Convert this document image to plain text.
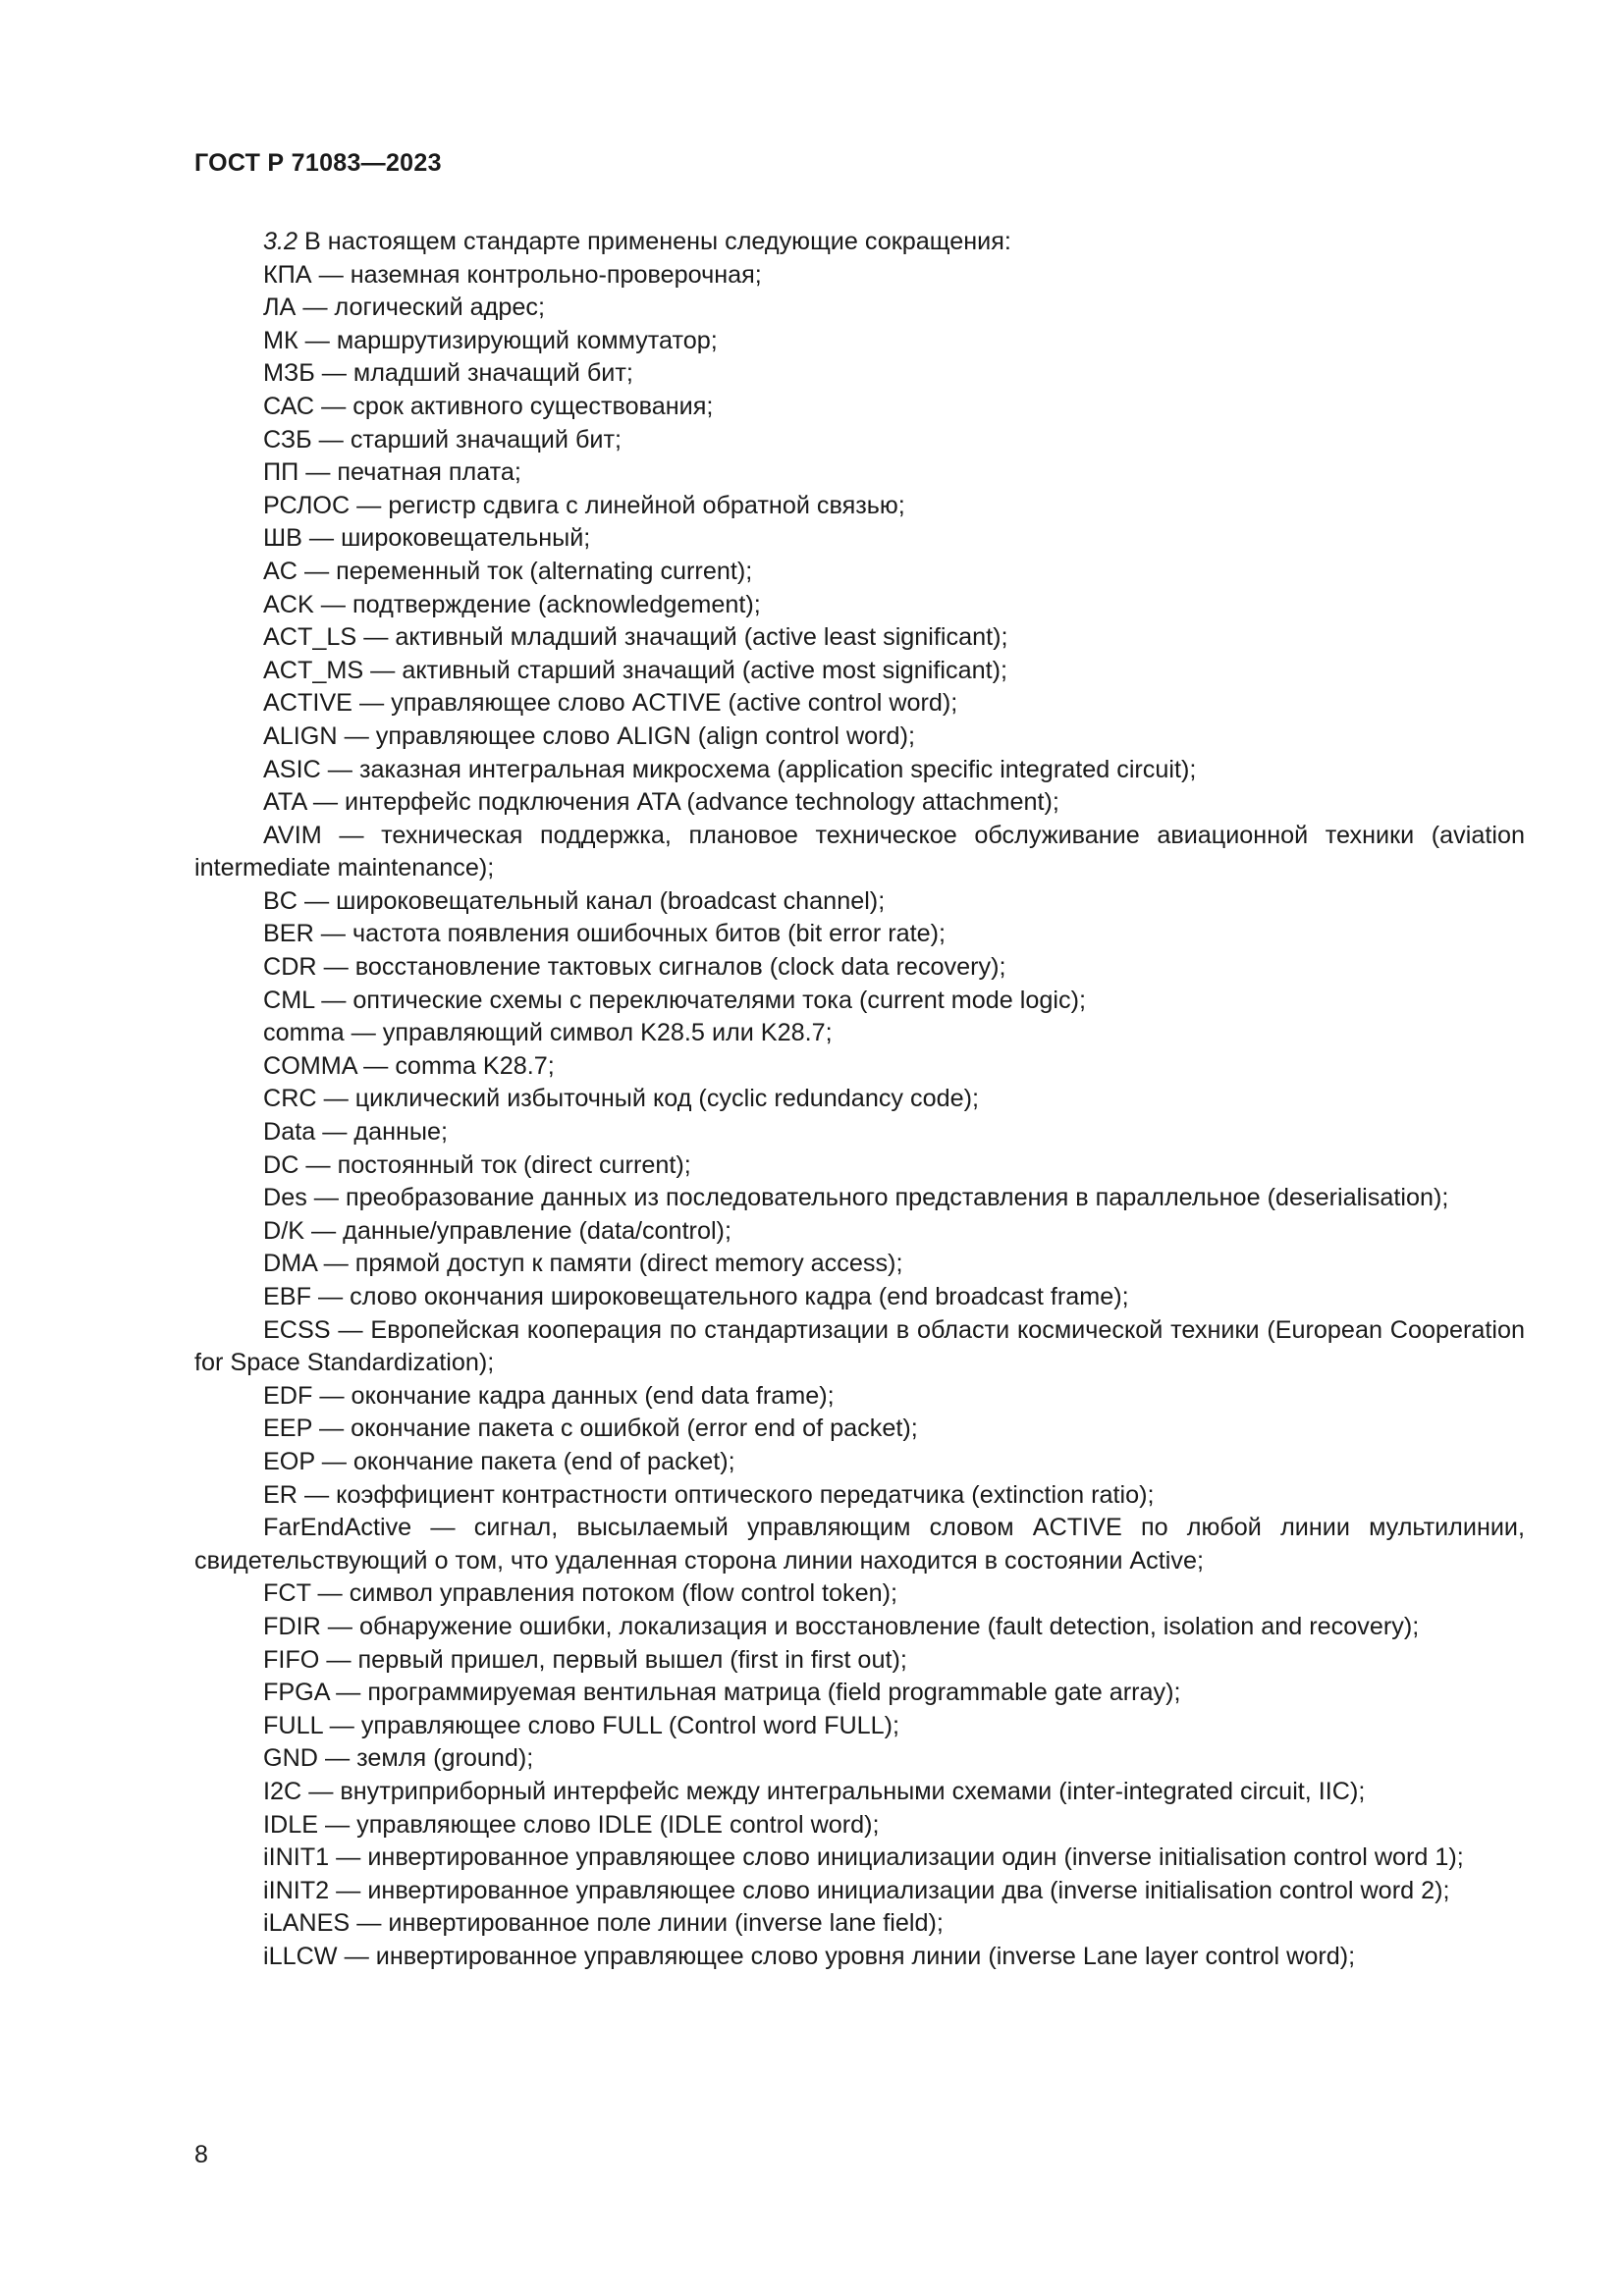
ГОСТ Р 71083—2023

3.2 В настоящем стандарте применены следующие сокращения:

КПА — наземная контрольно-проверочная;

ЛА — логический адрес;

МК — маршрутизирующий коммутатор;

МЗБ — младший значащий бит;

САС — срок активного существования;

СЗБ — старший значащий бит;

ПП — печатная плата;

РСЛОС — регистр сдвига с линейной обратной связью;

ШВ — широковещательный;

AC — переменный ток (alternating current);

ACK — подтверждение (acknowledgement);

ACT_LS — активный младший значащий (active least significant);

ACT_MS — активный старший значащий (active most significant);

ACTIVE — управляющее слово ACTIVE (active control word);

ALIGN — управляющее слово ALIGN (align control word);

ASIC — заказная интегральная микросхема (application specific integrated circuit);

ATA — интерфейс подключения ATA (advance technology attachment);

AVIM — техническая поддержка, плановое техническое обслуживание авиационной техники (aviation intermediate maintenance);

BC — широковещательный канал (broadcast channel);

BER — частота появления ошибочных битов (bit error rate);

CDR — восстановление тактовых сигналов (clock data recovery);

CML — оптические схемы с переключателями тока (current mode logic);

comma — управляющий символ K28.5 или K28.7;

COMMA — comma K28.7;

CRC — циклический избыточный код (cyclic redundancy code);

Data — данные;

DC — постоянный ток (direct current);

Des — преобразование данных из последовательного представления в параллельное (deserialisation);

D/K — данные/управление (data/control);

DMA — прямой доступ к памяти (direct memory access);

EBF — слово окончания широковещательного кадра (end broadcast frame);

ECSS — Европейская кооперация по стандартизации в области космической техники (European Cooperation for Space Standardization);

EDF — окончание кадра данных (end data frame);

EEP — окончание пакета с ошибкой (error end of packet);

EOP — окончание пакета (end of packet);

ER — коэффициент контрастности оптического передатчика (extinction ratio);

FarEndActive — сигнал, высылаемый управляющим словом ACTIVE по любой линии мультилинии, свидетельствующий о том, что удаленная сторона линии находится в состоянии Active;

FCT — символ управления потоком (flow control token);

FDIR — обнаружение ошибки, локализация и восстановление (fault detection, isolation and recovery);

FIFO — первый пришел, первый вышел (first in first out);

FPGA — программируемая вентильная матрица (field programmable gate array);

FULL — управляющее слово FULL (Control word FULL);

GND — земля (ground);

I2C — внутриприборный интерфейс между интегральными схемами (inter-integrated circuit, IIC);

IDLE — управляющее слово IDLE (IDLE control word);

iINIT1 — инвертированное управляющее слово инициализации один (inverse initialisation control word 1);

iINIT2 — инвертированное управляющее слово инициализации два (inverse initialisation control word 2);

iLANES — инвертированное поле линии (inverse lane field);

iLLCW — инвертированное управляющее слово уровня линии (inverse Lane layer control word);

8
